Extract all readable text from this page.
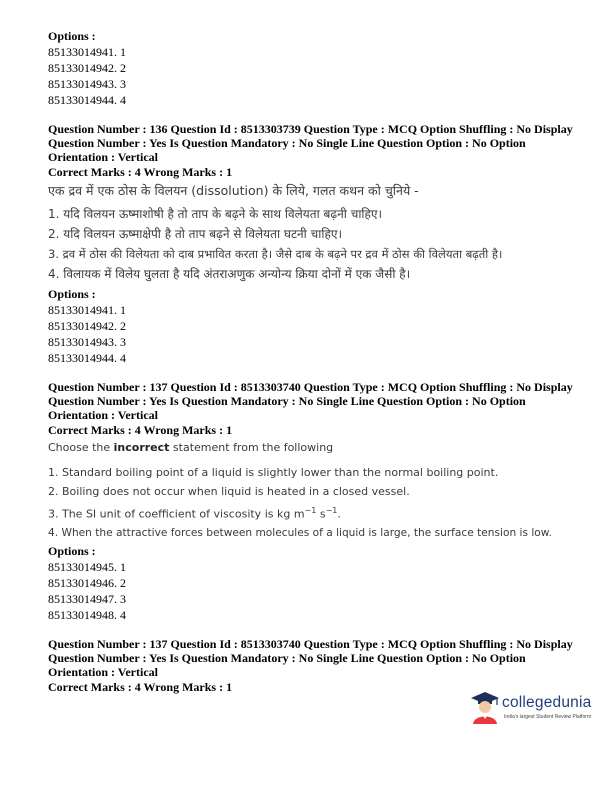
Options :
85133014941. 1
85133014942. 2
85133014943. 3
85133014944. 4
Question Number : 136 Question Id : 8513303739 Question Type : MCQ Option Shuffling : No Display Question Number : Yes Is Question Mandatory : No Single Line Question Option : No Option Orientation : Vertical
Correct Marks : 4 Wrong Marks : 1
एक द्रव में एक ठोस के विलयन (dissolution) के लिये, गलत कथन को चुनिये -
1. यदि विलयन ऊष्माशोषी है तो ताप के बढ़ने के साथ विलेयता बढ़नी चाहिए।
2. यदि विलयन ऊष्माक्षेपी है तो ताप बढ़ने से विलेयता घटनी चाहिए।
3. द्रव में ठोस की विलेयता को दाब प्रभावित करता है। जैसे दाब के बढ़ने पर द्रव में ठोस की विलेयता बढ़ती है।
4. विलायक में विलेय घुलता है यदि अंतराअणुक अन्योन्य क्रिया दोनों में एक जैसी है।
Options :
85133014941. 1
85133014942. 2
85133014943. 3
85133014944. 4
Question Number : 137 Question Id : 8513303740 Question Type : MCQ Option Shuffling : No Display Question Number : Yes Is Question Mandatory : No Single Line Question Option : No Option Orientation : Vertical
Correct Marks : 4 Wrong Marks : 1
Choose the incorrect statement from the following
1. Standard boiling point of a liquid is slightly lower than the normal boiling point.
2. Boiling does not occur when liquid is heated in a closed vessel.
3. The SI unit of coefficient of viscosity is kg $m^{-1}$ $s^{-1}$.
4. When the attractive forces between molecules of a liquid is large, the surface tension is low.
Options :
85133014945. 1
85133014946. 2
85133014947. 3
85133014948. 4
Question Number : 137 Question Id : 8513303740 Question Type : MCQ Option Shuffling : No Display Question Number : Yes Is Question Mandatory : No Single Line Question Option : No Option Orientation : Vertical
Correct Marks : 4 Wrong Marks : 1
collegedunia
India's largest Student Review Platform
